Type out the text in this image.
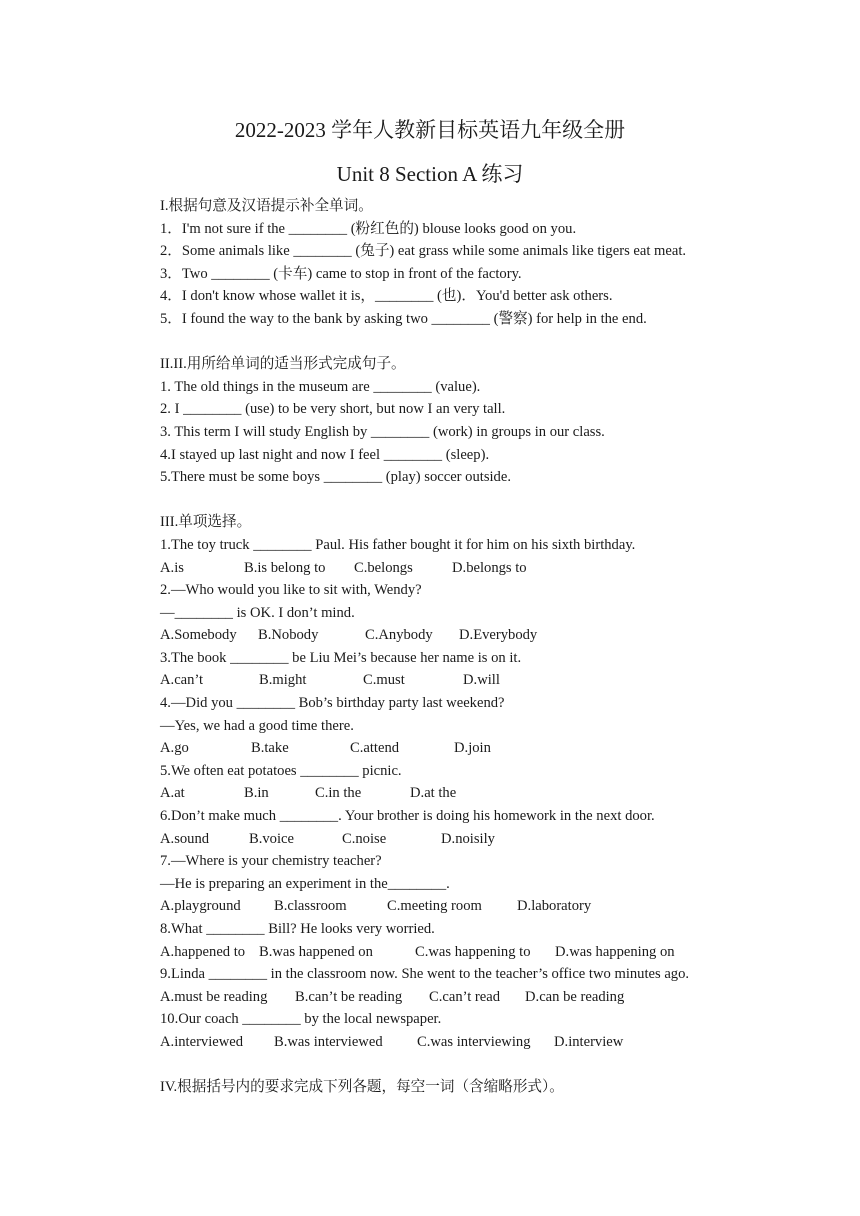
2022-2023 学年人教新目标英语九年级全册
Unit 8 Section A 练习
I.根据句意及汉语提示补全单词。
1．I'm not sure if the ________ (粉红色的) blouse looks good on you.
2．Some animals like ________ (兔子) eat grass while some animals like tigers eat meat.
3．Two ________ (卡车) came to stop in front of the factory.
4．I don't know whose wallet it is，________ (也)．You'd better ask others.
5．I found the way to the bank by asking two ________ (警察) for help in the end.
II.II.用所给单词的适当形式完成句子。
1. The old things in the museum are ________ (value).
2. I ________ (use) to be very short, but now I an very tall.
3. This term I will study English by ________ (work) in groups in our class.
4.I stayed up last night and now I feel ________ (sleep).
5.There must be some boys ________ (play) soccer outside.
III.单项选择。
1.The toy truck ________ Paul. His father bought it for him on his sixth birthday.
A.is	B.is belong to C.belongs	D.belongs to
2.—Who would you like to sit with, Wendy?
—________ is OK. I don’t mind.
A.Somebody B.Nobody	C.Anybody D.Everybody
3.The book ________ be Liu Mei’s because her name is on it.
A.can’t	B.might	C.must	D.will
4.—Did you ________ Bob’s birthday party last weekend?
—Yes, we had a good time there.
A.go	B.take	C.attend	D.join
5.We often eat potatoes ________ picnic.
A.at	B.in	C.in the	D.at the
6.Don’t make much ________. Your brother is doing his homework in the next door.
A.sound	B.voice	C.noise	D.noisily
7.—Where is your chemistry teacher?
—He is preparing an experiment in the________.
A.playground B.classroom	C.meeting room D.laboratory
8.What ________ Bill? He looks very worried.
A.happened to B.was happened on	C.was happening to D.was happening on
9.Linda ________ in the classroom now. She went to the teacher’s office two minutes ago.
A.must be reading B.can’t be reading C.can’t read D.can be reading
10.Our coach ________ by the local newspaper.
A.interviewed B.was interviewed C.was interviewing D.interview
IV.根据括号内的要求完成下列各题，每空一词（含缩略形式）。
